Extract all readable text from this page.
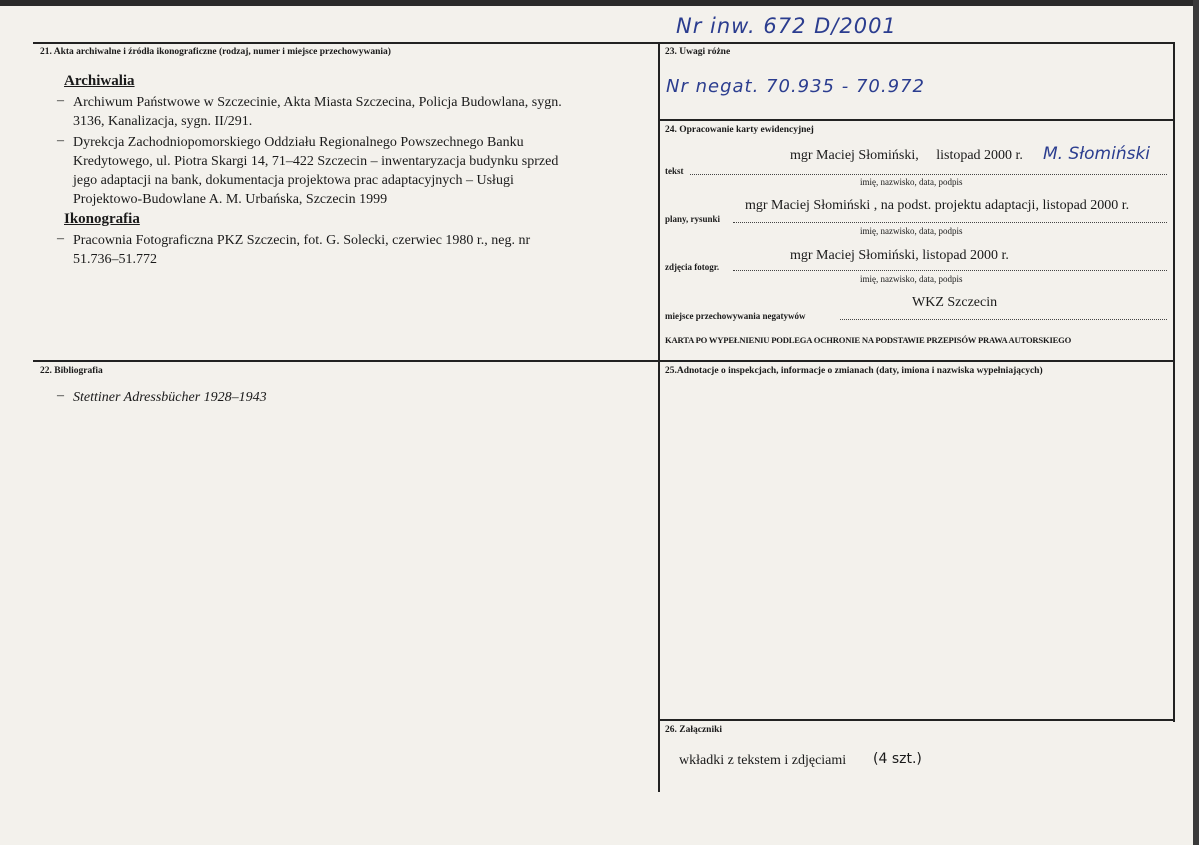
Nr inw. 672 D/2001
21. Akta archiwalne i źródła ikonograficzne (rodzaj, numer i miejsce przechowywania)
Archiwalia
– Archiwum Państwowe w Szczecinie, Akta Miasta Szczecina, Policja Budowlana, sygn.
3136, Kanalizacja, sygn. II/291.
– Dyrekcja Zachodniopomorskiego Oddziału Regionalnego Powszechnego Banku
Kredytowego, ul. Piotra Skargi 14, 71–422 Szczecin – inwentaryzacja budynku sprzed
jego adaptacji na bank, dokumentacja projektowa prac adaptacyjnych – Usługi
Projektowo-Budowlane A. M. Urbańska, Szczecin 1999
Ikonografia
– Pracownia Fotograficzna PKZ Szczecin, fot. G. Solecki, czerwiec 1980 r., neg. nr
51.736–51.772
22. Bibliografia
– Stettiner Adressbücher 1928–1943
23. Uwagi różne
Nr negat. 70.935 - 70.972
24. Opracowanie karty ewidencyjnej
mgr Maciej Słomiński,     listopad 2000 r. M. Słomiński
tekst
imię, nazwisko, data, podpis
mgr Maciej Słomiński , na podst. projektu adaptacji, listopad 2000 r.
plany, rysunki
imię, nazwisko, data, podpis
mgr Maciej Słomiński, listopad 2000 r.
zdjęcia fotogr.
imię, nazwisko, data, podpis
WKZ Szczecin
miejsce przechowywania negatywów
KARTA PO WYPEŁNIENIU PODLEGA OCHRONIE NA PODSTAWIE PRZEPISÓW PRAWA AUTORSKIEGO
25.Adnotacje o inspekcjach, informacje o zmianach (daty, imiona i nazwiska wypełniających)
26. Załączniki
wkładki z tekstem i zdjęciami (4 szt.)
